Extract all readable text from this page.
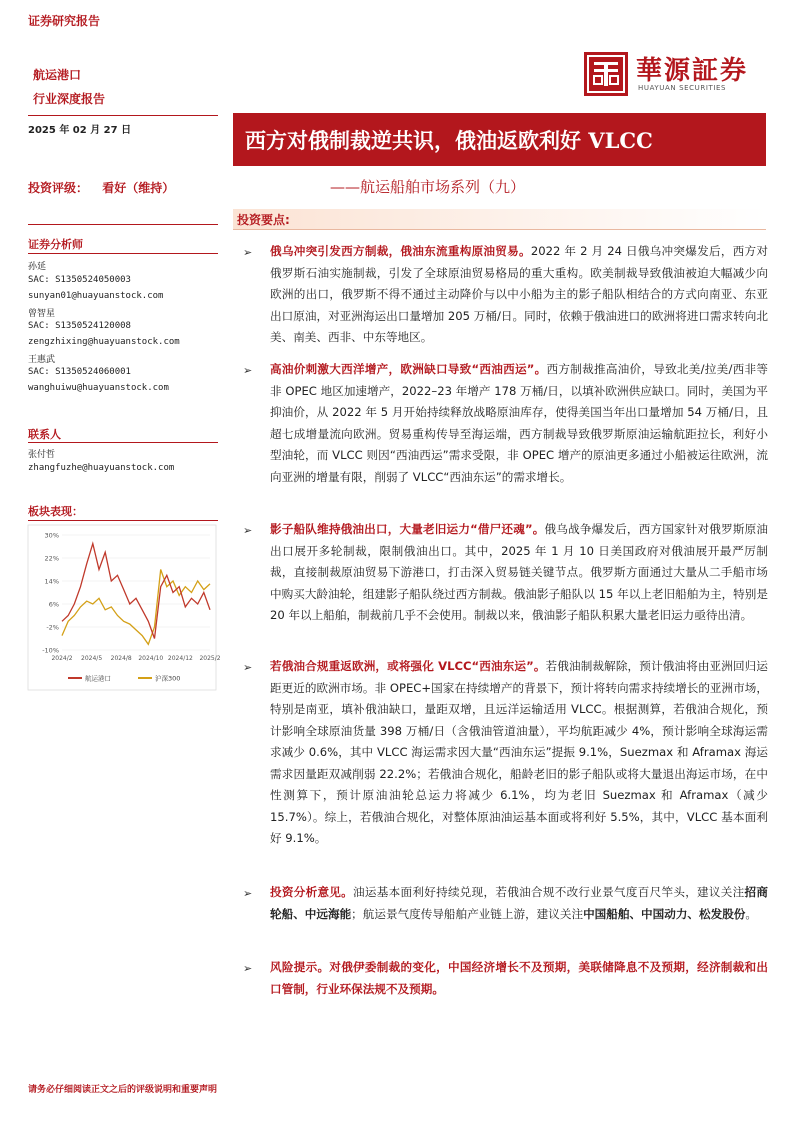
证券研究报告
航运港口
行业深度报告
華源証券
HUAYUAN SECURITIES
2025 年 02 月 27 日	西方对俄制裁逆共识，俄油返欧利好 VLCC
——航运船舶市场系列（九）
投资评级： 看好（维持）
证券分析师
孙延
SAC: S1350524050003
sunyan01@huayuanstock.com
曾智星
SAC: S1350524120008
zengzhixing@huayuanstock.com
王惠武
SAC: S1350524060001
wanghuiwu@huayuanstock.com
联系人
张付哲
zhangfuzhe@huayuanstock.com
板块表现：
30%
22%
14%
6%
-2%
-10%
2024/2 2024/5 2024/8 2024/10 2024/12 2025/2
航运港口	沪深300
投资要点:
➢	俄乌冲突引发西方制裁，俄油东流重构原油贸易。2022 年 2 月 24 日俄乌冲突爆发后，西方对俄罗斯石油实施制裁，引发了全球原油贸易格局的重大重构。欧美制裁导致俄油被迫大幅减少向欧洲的出口，俄罗斯不得不通过主动降价与以中小船为主的影子船队相结合的方式向南亚、东亚出口原油，对亚洲海运出口量增加 205 万桶/日。同时，依赖于俄油进口的欧洲将进口需求转向北美、南美、西非、中东等地区。

➢	高油价刺激大西洋增产，欧洲缺口导致“西油西运”。西方制裁推高油价，导致北美/拉美/西非等非 OPEC 地区加速增产，2022–23 年增产 178 万桶/日，以填补欧洲供应缺口。同时，美国为平抑油价，从 2022 年 5 月开始持续释放战略原油库存，使得美国当年出口量增加 54 万桶/日，且超七成增量流向欧洲。贸易重构传导至海运端，西方制裁导致俄罗斯原油运输航距拉长，利好小型油轮，而 VLCC 则因“西油西运”需求受限，非 OPEC 增产的原油更多通过小船被运往欧洲，流向亚洲的增量有限，削弱了 VLCC“西油东运”的需求增长。

➢	影子船队维持俄油出口，大量老旧运力“借尸还魂”。俄乌战争爆发后，西方国家针对俄罗斯原油出口展开多轮制裁，限制俄油出口。其中，2025 年 1 月 10 日美国政府对俄油展开最严厉制裁，直接制裁原油贸易下游港口，打击深入贸易链关键节点。俄罗斯方面通过大量从二手船市场中购买大龄油轮，组建影子船队绕过西方制裁。俄油影子船队以 15 年以上老旧船舶为主，特别是 20 年以上船舶，制裁前几乎不会使用。制裁以来，俄油影子船队积累大量老旧运力亟待出清。

➢	若俄油合规重返欧洲，或将强化 VLCC“西油东运”。若俄油制裁解除，预计俄油将由亚洲回归运距更近的欧洲市场。非 OPEC+国家在持续增产的背景下，预计将转向需求持续增长的亚洲市场，特别是南亚，填补俄油缺口，量距双增，且远洋运输适用 VLCC。根据测算，若俄油合规化，预计影响全球原油货量 398 万桶/日（含俄油管道油量），平均航距减少 4%，预计影响全球海运需求减少 0.6%，其中 VLCC 海运需求因大量“西油东运”提振 9.1%，Suezmax 和 Aframax 海运需求因量距双减削弱 22.2%；若俄油合规化，船龄老旧的影子船队或将大量退出海运市场，在中性测算下，预计原油油轮总运力将减少 6.1%，均为老旧 Suezmax 和 Aframax（减少 15.7%）。综上，若俄油合规化，对整体原油油运基本面或将利好 5.5%，其中，VLCC 基本面利好 9.1%。

➢	投资分析意见。油运基本面利好持续兑现，若俄油合规不改行业景气度百尺竿头，建议关注招商轮船、中远海能；航运景气度传导船舶产业链上游，建议关注中国船舶、中国动力、松发股份。

➢	风险提示。对俄伊委制裁的变化，中国经济增长不及预期，美联储降息不及预期，经济制裁和出口管制，行业环保法规不及预期。

请务必仔细阅读正文之后的评级说明和重要声明
